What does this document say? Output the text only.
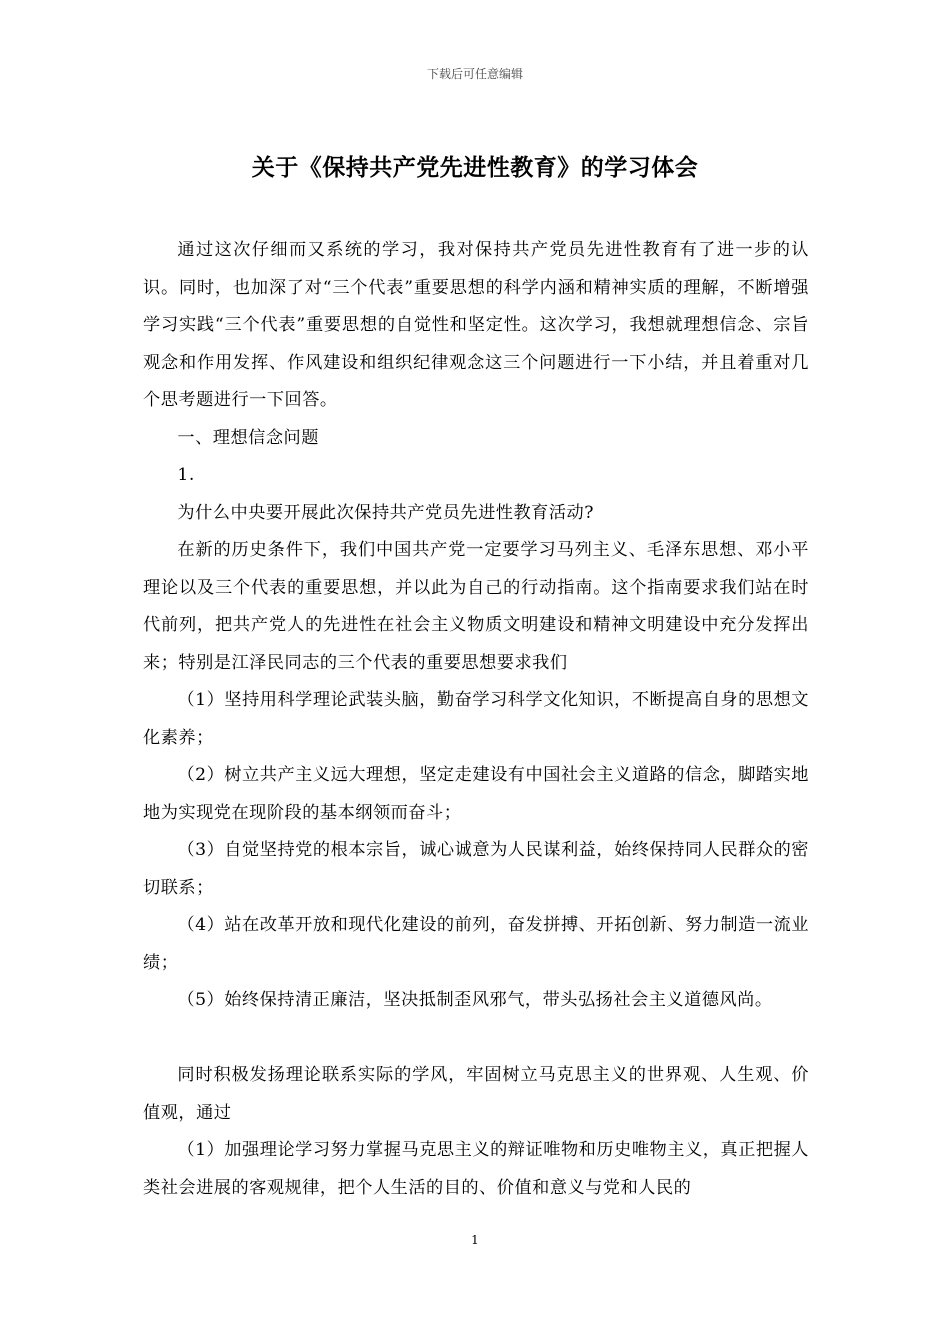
下载后可任意编辑
关于《保持共产党先进性教育》的学习体会

通过这次仔细而又系统的学习，我对保持共产党员先进性教育有了进一步的认识。同时，也加深了对“三个代表”重要思想的科学内涵和精神实质的理解，不断增强学习实践“三个代表”重要思想的自觉性和坚定性。这次学习，我想就理想信念、宗旨观念和作用发挥、作风建设和组织纪律观念这三个问题进行一下小结，并且着重对几个思考题进行一下回答。

一、理想信念问题

1.

为什么中央要开展此次保持共产党员先进性教育活动?

在新的历史条件下，我们中国共产党一定要学习马列主义、毛泽东思想、邓小平理论以及三个代表的重要思想，并以此为自己的行动指南。这个指南要求我们站在时代前列，把共产党人的先进性在社会主义物质文明建设和精神文明建设中充分发挥出来；特别是江泽民同志的三个代表的重要思想要求我们

（1）坚持用科学理论武装头脑，勤奋学习科学文化知识，不断提高自身的思想文化素养；

（2）树立共产主义远大理想，坚定走建设有中国社会主义道路的信念，脚踏实地地为实现党在现阶段的基本纲领而奋斗；

（3）自觉坚持党的根本宗旨，诚心诚意为人民谋利益，始终保持同人民群众的密切联系；

（4）站在改革开放和现代化建设的前列，奋发拼搏、开拓创新、努力制造一流业绩；

（5）始终保持清正廉洁，坚决抵制歪风邪气，带头弘扬社会主义道德风尚。

同时积极发扬理论联系实际的学风，牢固树立马克思主义的世界观、人生观、价值观，通过

（1）加强理论学习努力掌握马克思主义的辩证唯物和历史唯物主义，真正把握人类社会进展的客观规律，把个人生活的目的、价值和意义与党和人民的

1
